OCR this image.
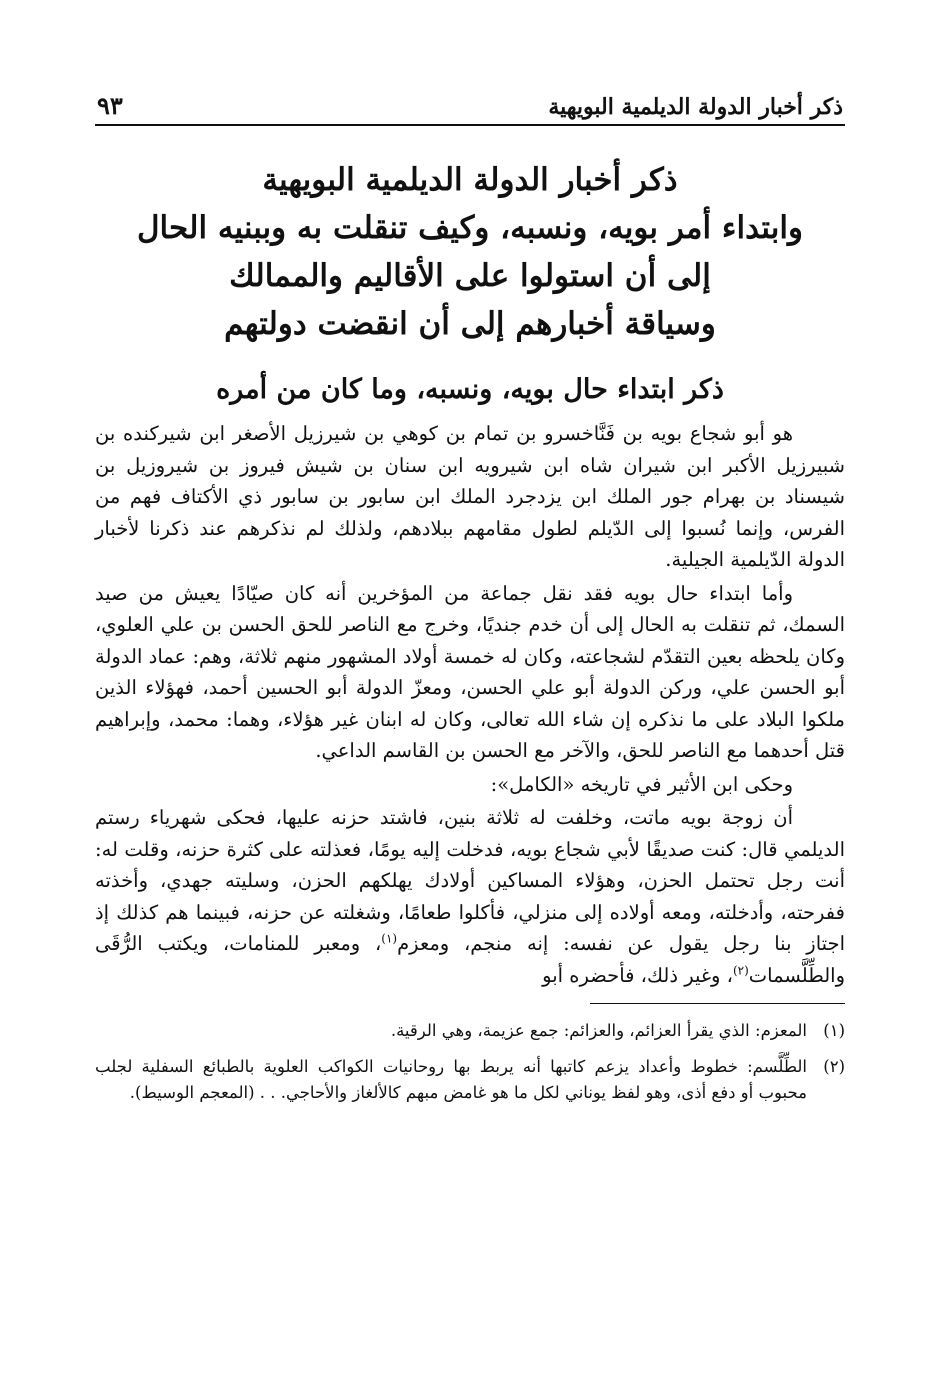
ذكر أخبار الدولة الديلمية البويهية
٩٣
ذكر أخبار الدولة الديلمية البويهية
وابتداء أمر بويه، ونسبه، وكيف تنقلت به وببنيه الحال
إلى أن استولوا على الأقاليم والممالك
وسياقة أخبارهم إلى أن انقضت دولتهم
ذكر ابتداء حال بويه، ونسبه، وما كان من أمره

هو أبو شجاع بويه بن فَنَّاخسرو بن تمام بن كوهي بن شيرزيل الأصغر ابن شيركنده بن شبيرزيل الأكبر ابن شيران شاه ابن شيرويه ابن سنان بن شيش فيروز بن شيروزيل بن شيسناد بن بهرام جور الملك ابن يزدجرد الملك ابن سابور بن سابور ذي الأكتاف فهم من الفرس، وإنما نُسبوا إلى الدّيلم لطول مقامهم ببلادهم، ولذلك لم نذكرهم عند ذكرنا لأخبار الدولة الدّيلمية الجيلية.

وأما ابتداء حال بويه فقد نقل جماعة من المؤخرين أنه كان صيّادًا يعيش من صيد السمك، ثم تنقلت به الحال إلى أن خدم جنديًا، وخرج مع الناصر للحق الحسن بن علي العلوي، وكان يلحظه بعين التقدّم لشجاعته، وكان له خمسة أولاد المشهور منهم ثلاثة، وهم: عماد الدولة أبو الحسن علي، وركن الدولة أبو علي الحسن، ومعزّ الدولة أبو الحسين أحمد، فهؤلاء الذين ملكوا البلاد على ما نذكره إن شاء الله تعالى، وكان له ابنان غير هؤلاء، وهما: محمد، وإبراهيم قتل أحدهما مع الناصر للحق، والآخر مع الحسن بن القاسم الداعي.

وحكى ابن الأثير في تاريخه «الكامل»:

أن زوجة بويه ماتت، وخلفت له ثلاثة بنين، فاشتد حزنه عليها، فحكى شهرياء رستم الديلمي قال: كنت صديقًا لأبي شجاع بويه، فدخلت إليه يومًا، فعذلته على كثرة حزنه، وقلت له: أنت رجل تحتمل الحزن، وهؤلاء المساكين أولادك يهلكهم الحزن، وسليته جهدي، وأخذته ففرحته، وأدخلته، ومعه أولاده إلى منزلي، فأكلوا طعامًا، وشغلته عن حزنه، فبينما هم كذلك إذ اجتاز بنا رجل يقول عن نفسه: إنه منجم، ومعزم$^{(١)}$، ومعبر للمنامات، ويكتب الرُّقَى والطِّلَّسمات$^{(٢)}$، وغير ذلك، فأحضره أبو

(١)
المعزم: الذي يقرأ العزائم، والعزائم: جمع عزيمة، وهي الرقية.
(٢)
الطِّلَّسم: خطوط وأعداد يزعم كاتبها أنه يربط بها روحانيات الكواكب العلوية بالطبائع السفلية لجلب محبوب أو دفع أذى، وهو لفظ يوناني لكل ما هو غامض مبهم كالألغاز والأحاجي. . . (المعجم الوسيط).
